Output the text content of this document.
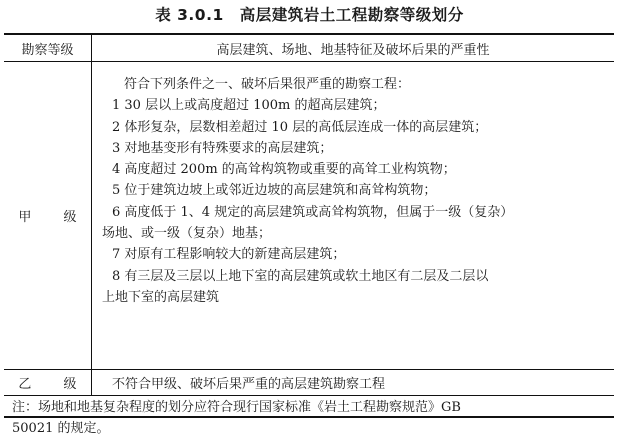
表 3.0.1 高层建筑岩土工程勘察等级划分
勘察等级	高层建筑、场地、地基特征及破坏后果的严重性
甲 级
符合下列条件之一、破坏后果很严重的勘察工程：
1 30 层以上或高度超过 100m 的超高层建筑；
2 体形复杂，层数相差超过 10 层的高低层连成一体的高层建筑；
3 对地基变形有特殊要求的高层建筑；
4 高度超过 200m 的高耸构筑物或重要的高耸工业构筑物；
5 位于建筑边坡上或邻近边坡的高层建筑和高耸构筑物；
6 高度低于 1、4 规定的高层建筑或高耸构筑物，但属于一级（复杂）
场地、或一级（复杂）地基；
7 对原有工程影响较大的新建高层建筑；
8 有三层及三层以上地下室的高层建筑或软土地区有二层及二层以
上地下室的高层建筑
乙 级 不符合甲级、破坏后果严重的高层建筑勘察工程
注：场地和地基复杂程度的划分应符合现行国家标准《岩土工程勘察规范》GB
50021 的规定。
